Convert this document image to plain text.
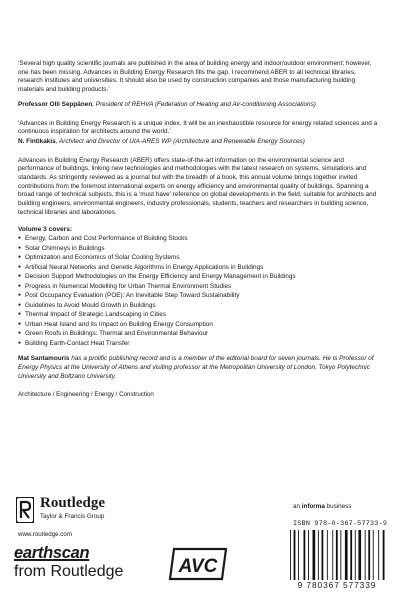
‘Several high quality scientific journals are published in the area of building energy and indoor/outdoor environment; however, one has been missing. Advances in Building Energy Research fills the gap. I recommend ABER to all technical libraries, research institutes and universities. It should also be used by construction companies and those manufacturing building materials and building products.’

Professor Olli Seppänen, President of REHVA (Federation of Heating and Air-conditioning Associations)

‘Advances in Building Energy Research is a unique index. It will be an inexhaustible resource for energy related sciences and a continuous inspiration for architects around the world.’

N. Fintikakis, Architect and Director of UIA-ARES WP (Architecture and Renewable Energy Sources)

Advances in Building Energy Research (ABER) offers state-of-the-art information on the environmental science and performance of buildings, linking new technologies and methodologies with the latest research on systems, simulations and standards. As stringently reviewed as a journal but with the breadth of a book, this annual volume brings together invited contributions from the foremost international experts on energy efficiency and environmental quality of buildings. Spanning a broad range of technical subjects, this is a ‘must have’ reference on global developments in the field, suitable for architects and building engineers, environmental engineers, industry professionals, students, teachers and researchers in building science, technical libraries and laboratories.

Volume 3 covers:
● Energy, Carbon and Cost Performance of Building Stocks
● Solar Chimneys in Buildings
● Optimization and Economics of Solar Cooling Systems
● Artificial Neural Networks and Genetic Algorithms in Energy Applications in Buildings
● Decision Support Methodologies on the Energy Efficiency and Energy Management in Buildings
● Progress in Numerical Modelling for Urban Thermal Environment Studies
● Post Occupancy Evaluation (POE): An Inevitable Step Toward Sustainability
● Guidelines to Avoid Mould Growth in Buildings
● Thermal Impact of Strategic Landscaping in Cities
● Urban Heat Island and its Impact on Building Energy Consumption
● Green Roofs in Buildings: Thermal and Environmental Behaviour
● Building Earth-Contact Heat Transfer

Mat Santamouris has a prolific publishing record and is a member of the editorial board for seven journals. He is Professor of Energy Physics at the University of Athens and visiting professor at the Metropolitan University of London, Tokyo Polytechnic University and Boltzano University.

Architecture / Engineering / Energy / Construction

Routledge
Taylor & Francis Group
www.routledge.com
earthscan
from Routledge	AVC
an informa business
ISBN 978-0-367-57733-9
9 780367 577339
